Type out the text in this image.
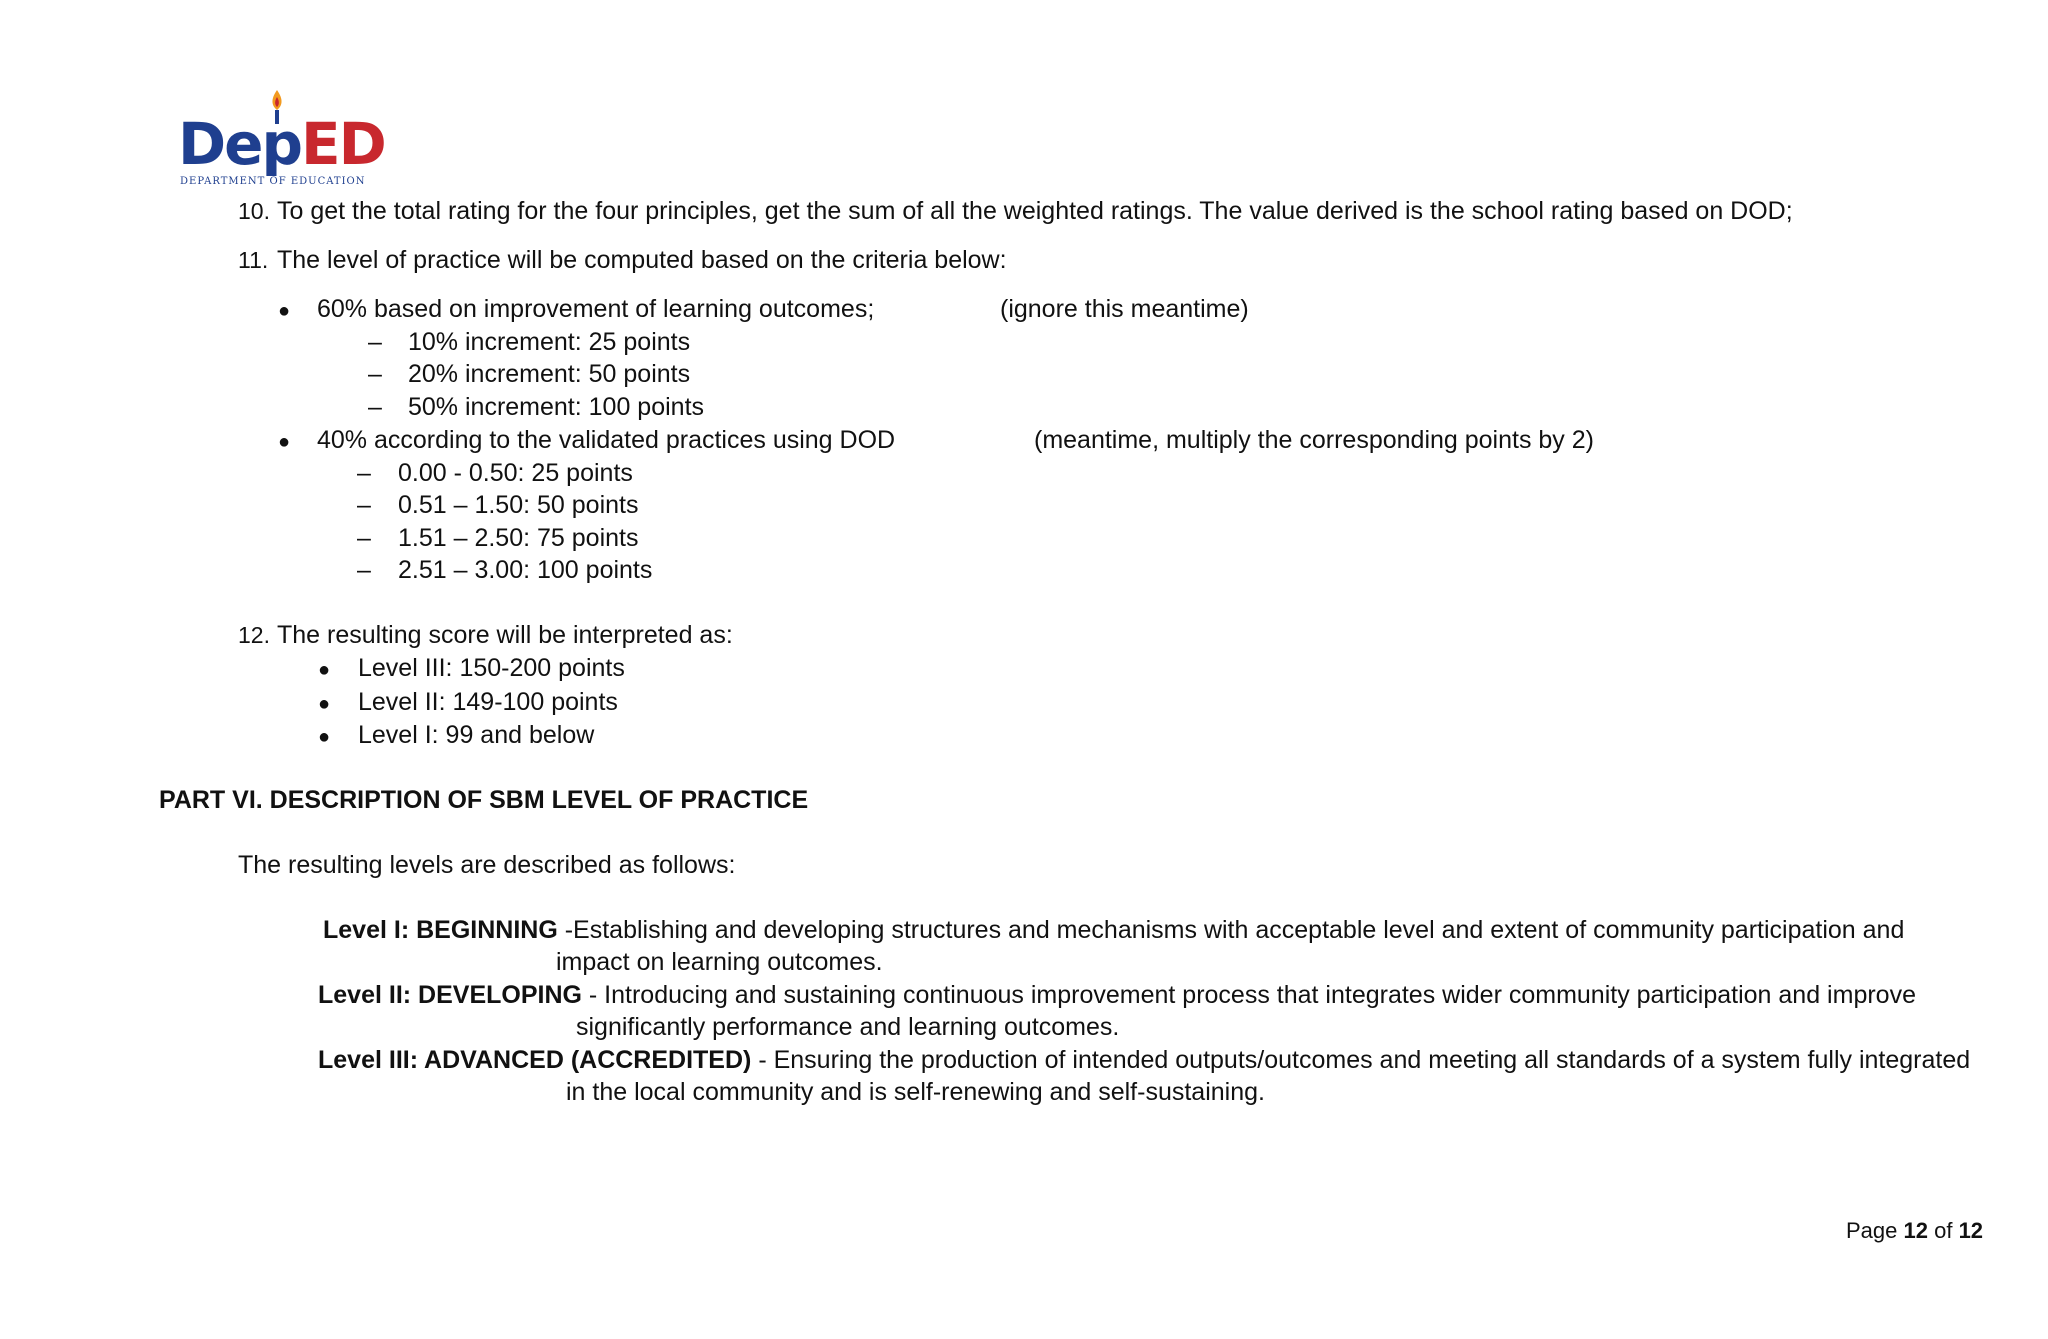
DepED
DEPARTMENT OF EDUCATION
10. To get the total rating for the four principles, get the sum of all the weighted ratings. The value derived is the school rating based on DOD;
11. The level of practice will be computed based on the criteria below:
● 60% based on improvement of learning outcomes;	(ignore this meantime)
– 10% increment: 25 points
– 20% increment: 50 points
– 50% increment: 100 points
● 40% according to the validated practices using DOD	(meantime, multiply the corresponding points by 2)
– 0.00 - 0.50: 25 points
– 0.51 – 1.50: 50 points
– 1.51 – 2.50: 75 points
– 2.51 – 3.00: 100 points
12. The resulting score will be interpreted as:
● Level III: 150-200 points
● Level II: 149-100 points
● Level I: 99 and below
PART VI. DESCRIPTION OF SBM LEVEL OF PRACTICE
The resulting levels are described as follows:
Level I: BEGINNING -Establishing and developing structures and mechanisms with acceptable level and extent of community participation and
impact on learning outcomes.
Level II: DEVELOPING - Introducing and sustaining continuous improvement process that integrates wider community participation and improve
significantly performance and learning outcomes.
Level III: ADVANCED (ACCREDITED) - Ensuring the production of intended outputs/outcomes and meeting all standards of a system fully integrated
in the local community and is self-renewing and self-sustaining.
Page 12 of 12
